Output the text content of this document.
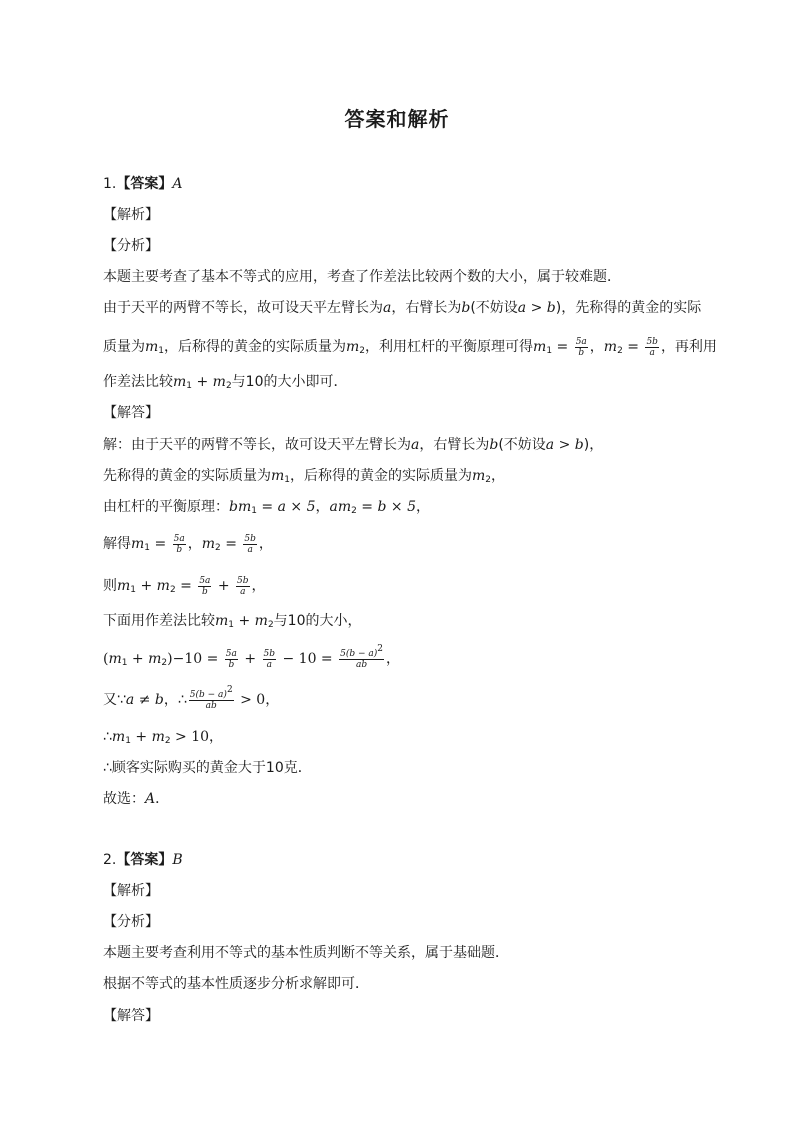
答案和解析
1.【答案】A
【解析】
【分析】
本题主要考查了基本不等式的应用，考查了作差法比较两个数的大小，属于较难题．
由于天平的两臂不等长，故可设天平左臂长为a，右臂长为b(不妨设a > b)，先称得的黄金的实际
质量为$m_1$，后称得的黄金的实际质量为$m_2$，利用杠杆的平衡原理可得$m_1 = \frac{5a}{b}$ ，$m_2 = \frac{5b}{a}$ ，再利用
作差法比较$m_1 + m_2$与10的大小即可．
【解答】
解：由于天平的两臂不等长，故可设天平左臂长为a，右臂长为b(不妨设a > b)，
先称得的黄金的实际质量为$m_1$，后称得的黄金的实际质量为$m_2$，
由杠杆的平衡原理：$bm_1 = a \times 5$，$am_2 = b \times 5$，
解得$m_1 = \frac{5a}{b}$ ，$m_2 = \frac{5b}{a}$ ，
则$m_1 + m_2 = \frac{5a}{b} + \frac{5b}{a}$ ，
下面用作差法比较$m_1 + m_2$与10的大小，
$(m_1 + m_2)-10 = \frac{5a}{b} + \frac{5b}{a} - 10 = \frac{5(b - a)^2}{ab}$ ，
又∵a ≠ b，∴ $\frac{5(b - a)^2}{ab} > 0$，
$\therefore m_1 + m_2 > 10$，
∴顾客实际购买的黄金大于10克．
故选：A．
2.【答案】B
【解析】
【分析】
本题主要考查利用不等式的基本性质判断不等关系，属于基础题．
根据不等式的基本性质逐步分析求解即可．
【解答】
